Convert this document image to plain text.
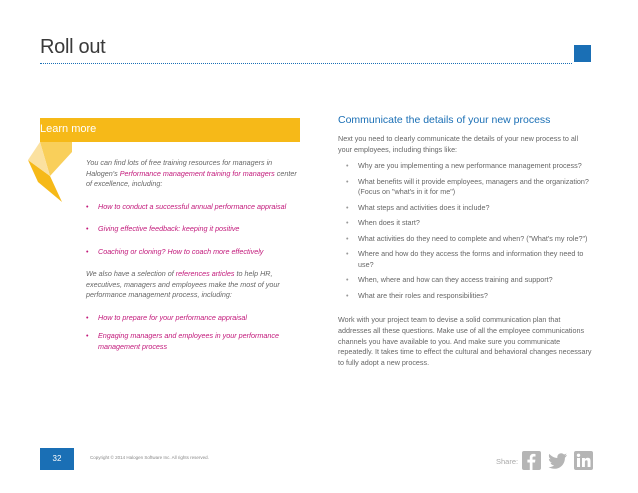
Roll out
Learn more

You can find lots of free training resources for managers in Halogen's Performance management training for managers center of excellence, including:

• How to conduct a successful annual performance appraisal
• Giving effective feedback: keeping it positive
• Coaching or cloning? How to coach more effectively

We also have a selection of references articles to help HR, executives, managers and employees make the most of your performance management process, including:

• How to prepare for your performance appraisal
• Engaging managers and employees in your performance management process
Communicate the details of your new process

Next you need to clearly communicate the details of your new process to all your employees, including things like:

• Why are you implementing a new performance management process?
• What benefits will it provide employees, managers and the organization? (Focus on "what's in it for me")
• What steps and activities does it include?
• When does it start?
• What activities do they need to complete and when? ("What's my role?")
• Where and how do they access the forms and information they need to use?
• When, where and how can they access training and support?
• What are their roles and responsibilities?

Work with your project team to devise a solid communication plan that addresses all these questions. Make use of all the employee communications channels you have available to you. And make sure you communicate repeatedly. It takes time to effect the cultural and behavioral changes necessary to fully adopt a new process.

32	Copyright © 2014 Halogen Software Inc. All rights reserved.	Share:
